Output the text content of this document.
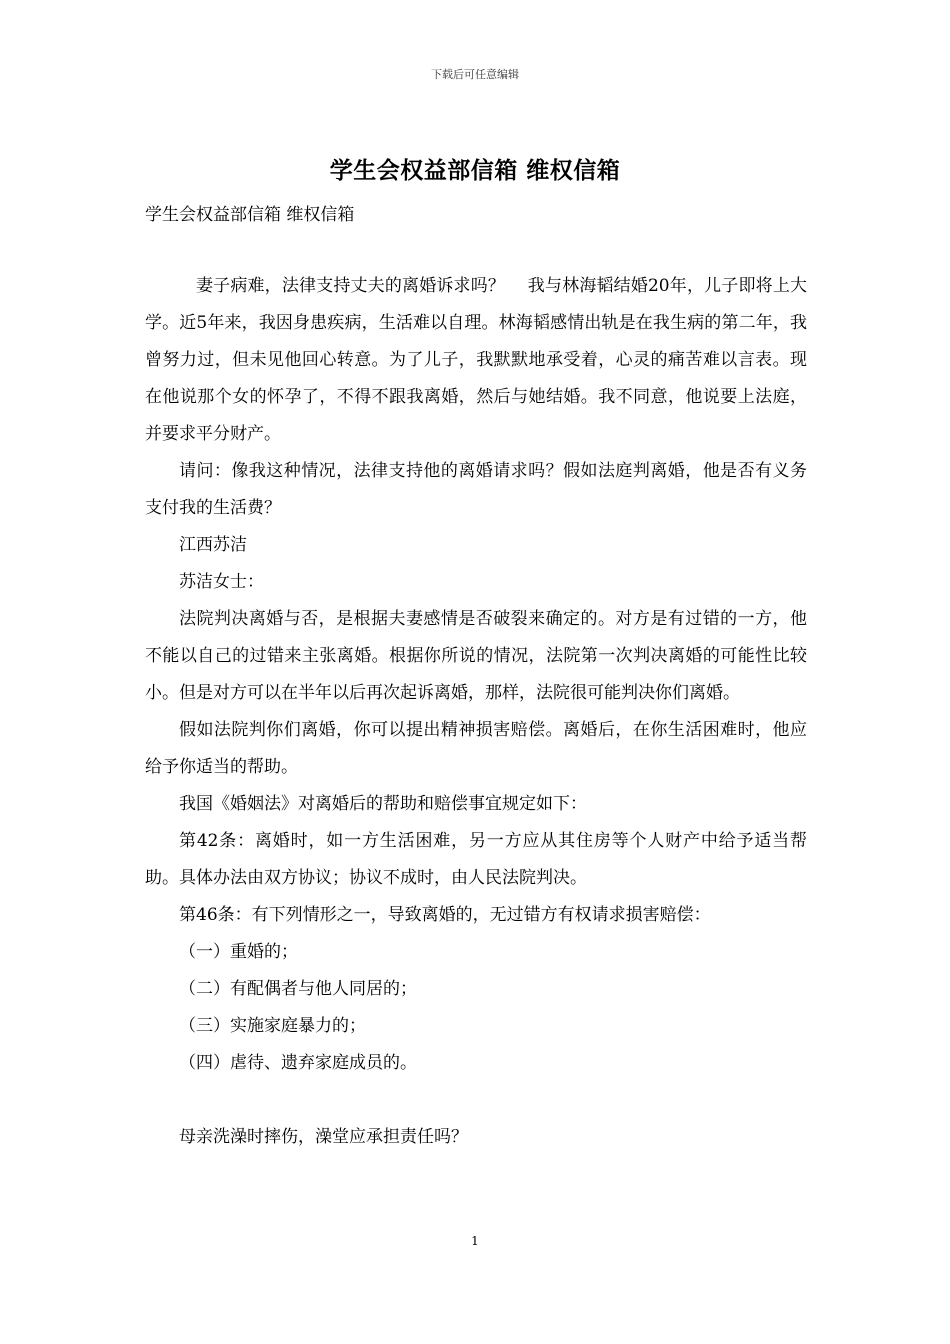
下载后可任意编辑
学生会权益部信箱 维权信箱
学生会权益部信箱 维权信箱

妻子病难，法律支持丈夫的离婚诉求吗？　 我与林海韬结婚20年，儿子即将上大学。近5年来，我因身患疾病，生活难以自理。林海韬感情出轨是在我生病的第二年，我曾努力过，但未见他回心转意。为了儿子，我默默地承受着，心灵的痛苦难以言表。现在他说那个女的怀孕了，不得不跟我离婚，然后与她结婚。我不同意，他说要上法庭，并要求平分财产。

请问：像我这种情况，法律支持他的离婚请求吗？假如法庭判离婚，他是否有义务支付我的生活费？

江西苏洁

苏洁女士：

法院判决离婚与否，是根据夫妻感情是否破裂来确定的。对方是有过错的一方，他不能以自己的过错来主张离婚。根据你所说的情况，法院第一次判决离婚的可能性比较小。但是对方可以在半年以后再次起诉离婚，那样，法院很可能判决你们离婚。

假如法院判你们离婚，你可以提出精神损害赔偿。离婚后，在你生活困难时，他应给予你适当的帮助。

我国《婚姻法》对离婚后的帮助和赔偿事宜规定如下：

第42条：离婚时，如一方生活困难，另一方应从其住房等个人财产中给予适当帮助。具体办法由双方协议；协议不成时，由人民法院判决。

第46条：有下列情形之一，导致离婚的，无过错方有权请求损害赔偿：

（一）重婚的；

（二）有配偶者与他人同居的；

（三）实施家庭暴力的；

（四）虐待、遗弃家庭成员的。

母亲洗澡时摔伤，澡堂应承担责任吗？

1
